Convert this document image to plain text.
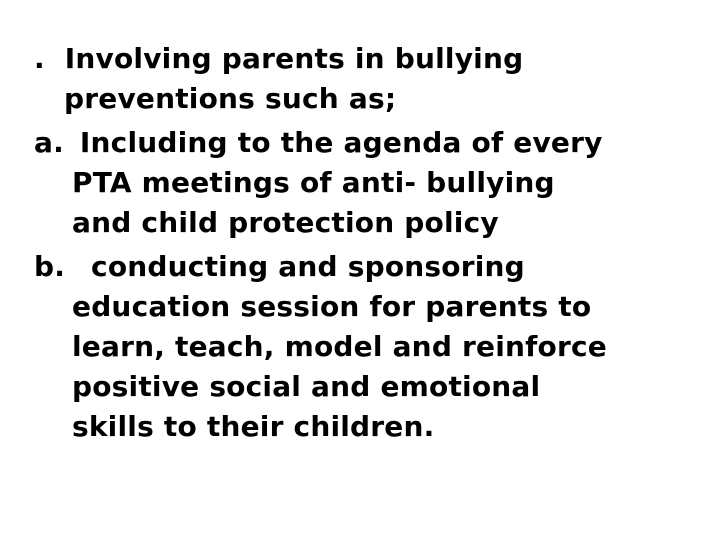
. Involving parents in bullying
preventions such as;
a. Including to the agenda of every
PTA meetings of anti- bullying
and child protection policy
b. conducting and sponsoring
education session for parents to
learn, teach, model and reinforce
positive social and emotional
skills to their children.
